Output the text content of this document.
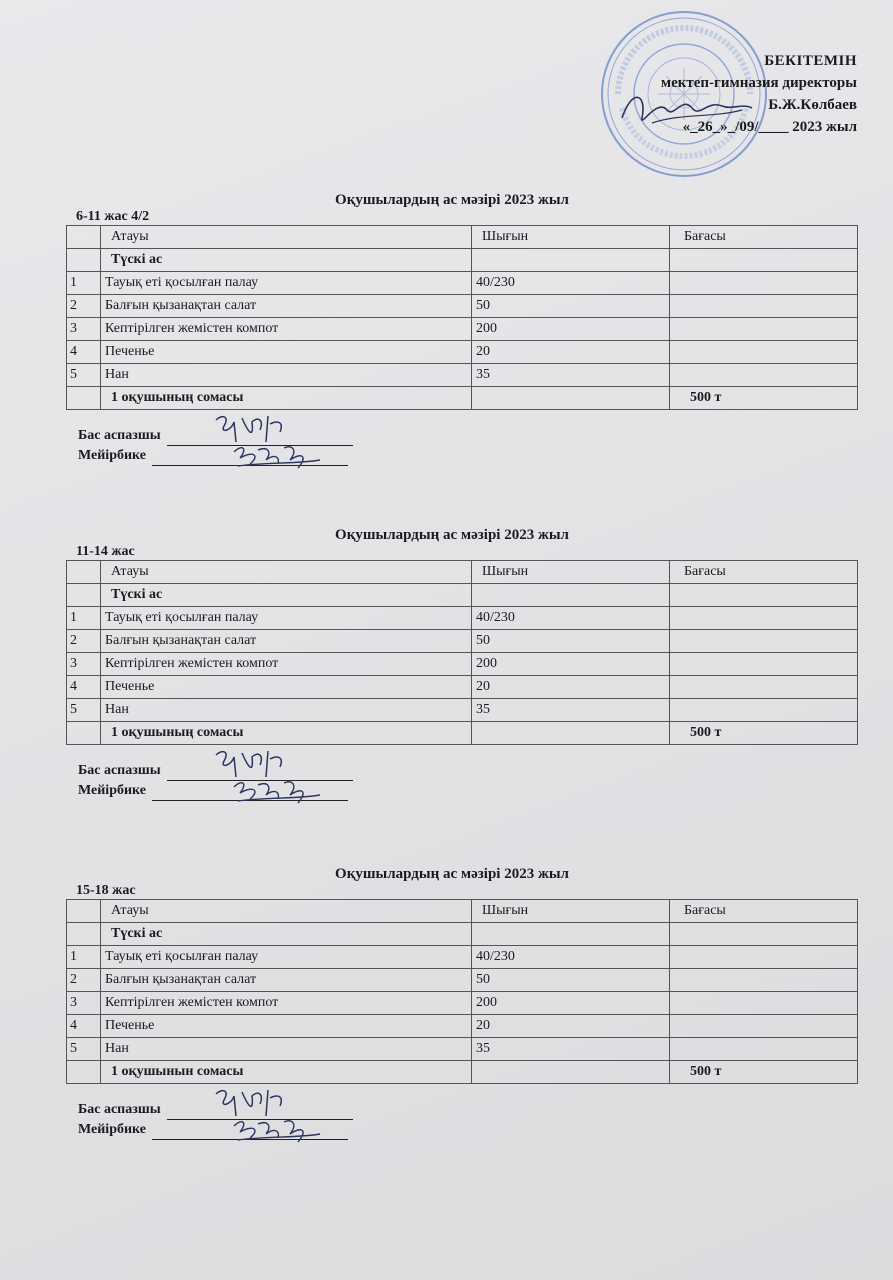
БЕКІТЕМІН
мектеп-гимназия директоры
Б.Ж.Көлбаев
«_26_»_/09/____ 2023 жыл
Оқушылардың ас мәзірі 2023 жыл
6-11 жас 4/2
	Атауы	Шығын	Бағасы
	Түскі ас		
1	Тауық еті қосылған палау	40/230	
2	Балғын қызанақтан салат	50	
3	Кептірілген жемістен компот	200	
4	Печенье	20	
5	Нан	35	
	1 оқушының сомасы		500 т
Бас аспазшы
Мейірбике
Оқушылардың ас мәзірі 2023 жыл
11-14 жас
	Атауы	Шығын	Бағасы
	Түскі ас		
1	Тауық еті қосылған палау	40/230	
2	Балғын қызанақтан салат	50	
3	Кептірілген жемістен компот	200	
4	Печенье	20	
5	Нан	35	
	1 оқушының сомасы		500 т
Бас аспазшы
Мейірбике
Оқушылардың ас мәзірі 2023 жыл
15-18 жас
	Атауы	Шығын	Бағасы
	Түскі ас		
1	Тауық еті қосылған палау	40/230	
2	Балғын қызанақтан салат	50	
3	Кептірілген жемістен компот	200	
4	Печенье	20	
5	Нан	35	
	1 оқушынын сомасы		500 т
Бас аспазшы
Мейірбике
